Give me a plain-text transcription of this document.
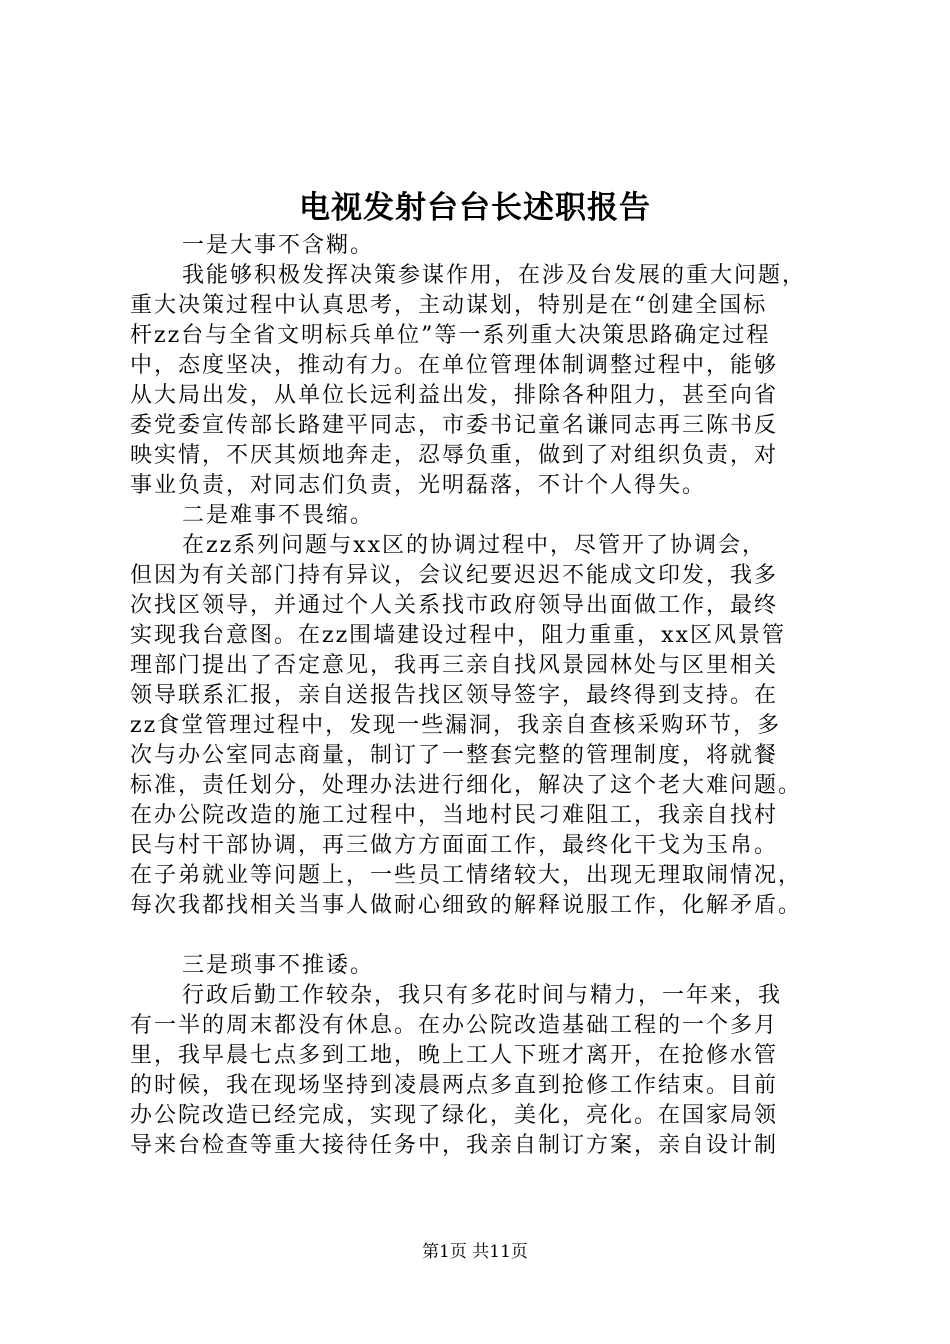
电视发射台台长述职报告
一是大事不含糊。
我能够积极发挥决策参谋作用，在涉及台发展的重大问题，
重大决策过程中认真思考，主动谋划，特别是在“创建全国标
杆zz台与全省文明标兵单位”等一系列重大决策思路确定过程
中，态度坚决，推动有力。在单位管理体制调整过程中，能够
从大局出发，从单位长远利益出发，排除各种阻力，甚至向省
委党委宣传部长路建平同志，市委书记童名谦同志再三陈书反
映实情，不厌其烦地奔走，忍辱负重，做到了对组织负责，对
事业负责，对同志们负责，光明磊落，不计个人得失。
二是难事不畏缩。
在zz系列问题与xx区的协调过程中，尽管开了协调会，
但因为有关部门持有异议，会议纪要迟迟不能成文印发，我多
次找区领导，并通过个人关系找市政府领导出面做工作，最终
实现我台意图。在zz围墙建设过程中，阻力重重，xx区风景管
理部门提出了否定意见，我再三亲自找风景园林处与区里相关
领导联系汇报，亲自送报告找区领导签字，最终得到支持。在
zz食堂管理过程中，发现一些漏洞，我亲自查核采购环节，多
次与办公室同志商量，制订了一整套完整的管理制度，将就餐
标准，责任划分，处理办法进行细化，解决了这个老大难问题。
在办公院改造的施工过程中，当地村民刁难阻工，我亲自找村
民与村干部协调，再三做方方面面工作，最终化干戈为玉帛。
在子弟就业等问题上，一些员工情绪较大，出现无理取闹情况，
每次我都找相关当事人做耐心细致的解释说服工作，化解矛盾。
三是琐事不推诿。
行政后勤工作较杂，我只有多花时间与精力，一年来，我
有一半的周末都没有休息。在办公院改造基础工程的一个多月
里，我早晨七点多到工地，晚上工人下班才离开，在抢修水管
的时候，我在现场坚持到凌晨两点多直到抢修工作结束。目前
办公院改造已经完成，实现了绿化，美化，亮化。在国家局领
导来台检查等重大接待任务中，我亲自制订方案，亲自设计制
第1页 共11页
